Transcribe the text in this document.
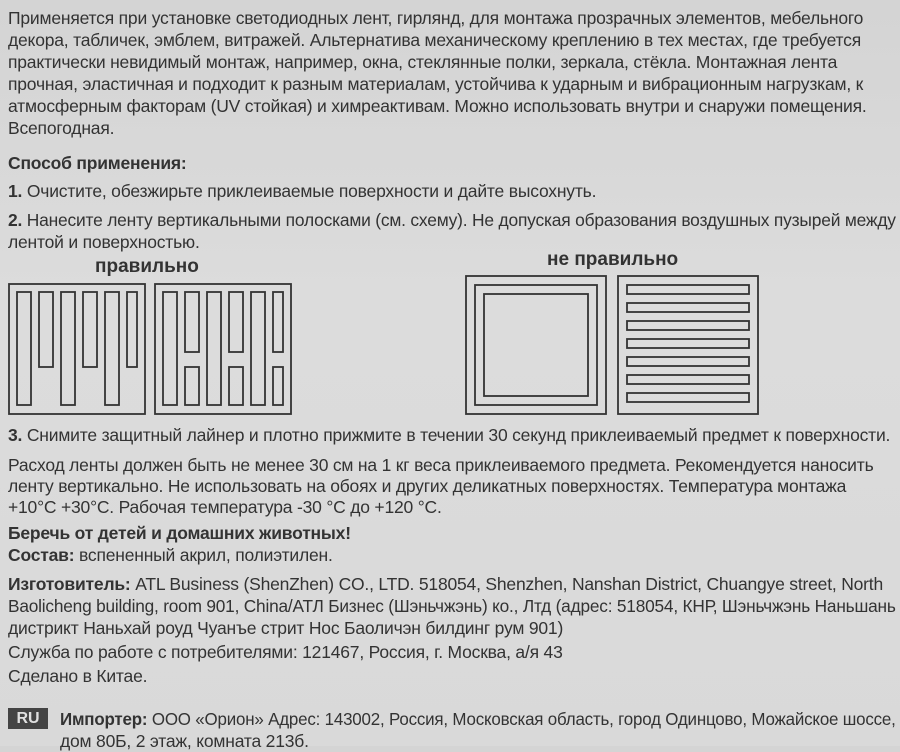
Применяется при установке светодиодных лент, гирлянд, для монтажа прозрачных элементов, мебельного
декора, табличек, эмблем, витражей. Альтернатива механическому креплению в тех местах, где требуется
практически невидимый монтаж, например, окна, стеклянные полки, зеркала, стёкла. Монтажная лента
прочная, эластичная и подходит к разным материалам, устойчива к ударным и вибрационным нагрузкам, к
атмосферным факторам (UV стойкая) и химреактивам. Можно использовать внутри и снаружи помещения.
Всепогодная.
Способ применения:
1. Очистите, обезжирьте приклеиваемые поверхности и дайте высохнуть.
2. Нанесите ленту вертикальными полосками (см. схему). Не допуская образования воздушных пузырей между
лентой и поверхностью.
правильно	не правильно
3. Снимите защитный лайнер и плотно прижмите в течении 30 секунд приклеиваемый предмет к поверхности.
Расход ленты должен быть не менее 30 см на 1 кг веса приклеиваемого предмета. Рекомендуется наносить
ленту вертикально. Не использовать на обоях и других деликатных поверхностях. Температура монтажа
+10°С +30°С. Рабочая температура -30 °С до +120 °С.
Беречь от детей и домашних животных!
Состав: вспененный акрил, полиэтилен.
Изготовитель: ATL Business (ShenZhen) CO., LTD. 518054, Shenzhen, Nanshan District, Chuangye street, North
Baolicheng building, room 901, China/АТЛ Бизнес (Шэньчжэнь) ко., Лтд (адрес: 518054, КНР, Шэньчжэнь Наньшань
дистрикт Наньхай роуд Чуанъе стрит Нос Баоличэн билдинг рум 901)
Служба по работе с потребителями: 121467, Россия, г. Москва, а/я 43
Сделано в Китае.
RU	Импортер: ООО «Орион» Адрес: 143002, Россия, Московская область, город Одинцово, Можайское шоссе,
дом 80Б, 2 этаж, комната 213б.
